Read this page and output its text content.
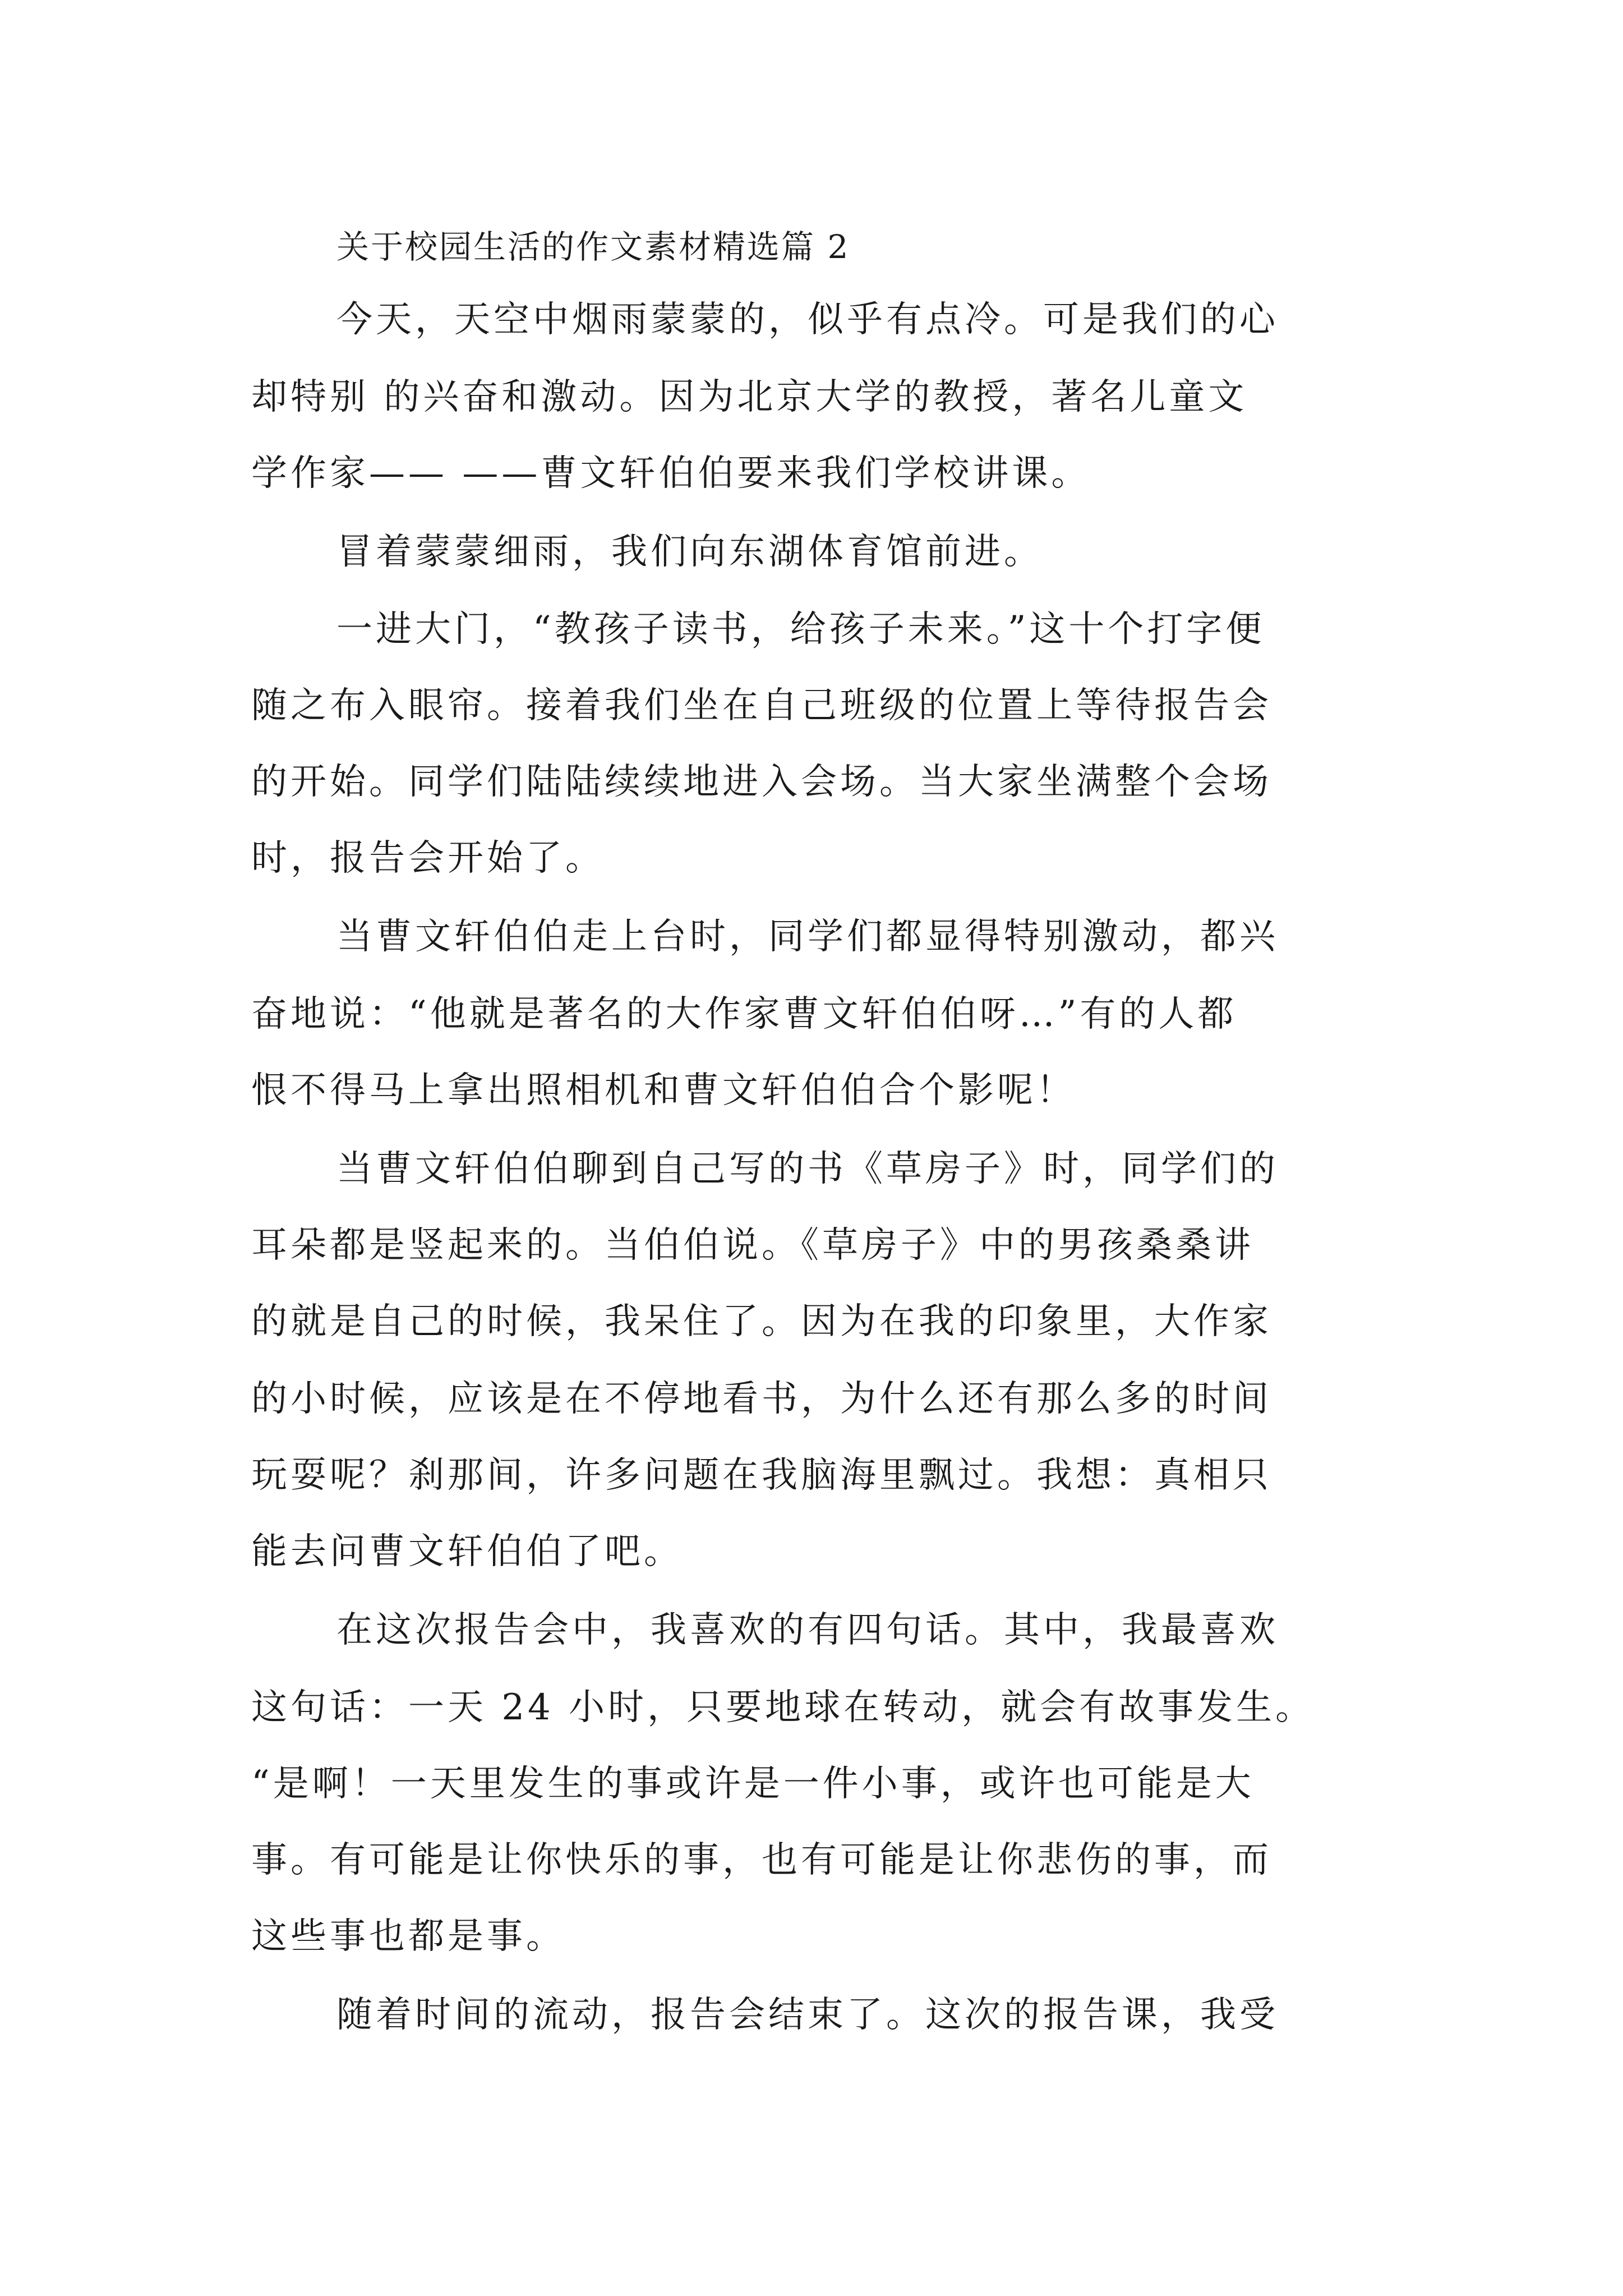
关于校园生活的作文素材精选篇 2
今天，天空中烟雨蒙蒙的，似乎有点冷。可是我们的心
却特别 的兴奋和激动。因为北京大学的教授，著名儿童文
学作家—— ——曹文轩伯伯要来我们学校讲课。
冒着蒙蒙细雨，我们向东湖体育馆前进。
一进大门，“教孩子读书，给孩子未来。”这十个打字便
随之布入眼帘。接着我们坐在自己班级的位置上等待报告会
的开始。同学们陆陆续续地进入会场。当大家坐满整个会场
时，报告会开始了。
当曹文轩伯伯走上台时，同学们都显得特别激动，都兴
奋地说：“他就是著名的大作家曹文轩伯伯呀…”有的人都
恨不得马上拿出照相机和曹文轩伯伯合个影呢！
当曹文轩伯伯聊到自己写的书《草房子》时，同学们的
耳朵都是竖起来的。当伯伯说。《草房子》中的男孩桑桑讲
的就是自己的时候，我呆住了。因为在我的印象里，大作家
的小时候，应该是在不停地看书，为什么还有那么多的时间
玩耍呢？刹那间，许多问题在我脑海里飘过。我想：真相只
能去问曹文轩伯伯了吧。
在这次报告会中，我喜欢的有四句话。其中，我最喜欢
这句话：一天 24 小时，只要地球在转动，就会有故事发生。
“是啊！一天里发生的事或许是一件小事，或许也可能是大
事。有可能是让你快乐的事，也有可能是让你悲伤的事，而
这些事也都是事。
随着时间的流动，报告会结束了。这次的报告课，我受
